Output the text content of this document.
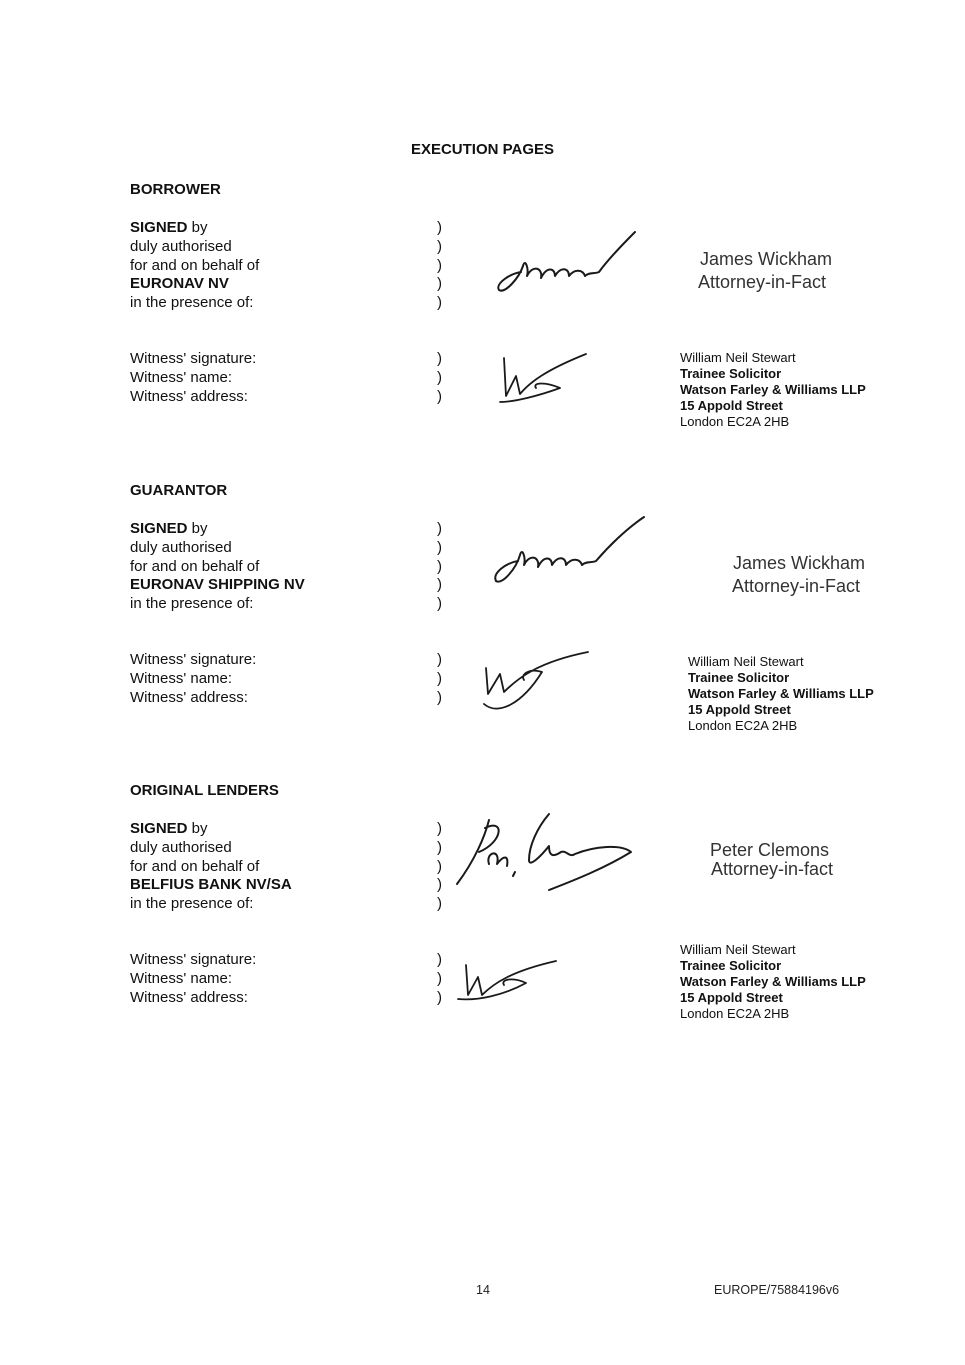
EXECUTION PAGES
BORROWER
SIGNED by
duly authorised
for and on behalf of
EURONAV NV
in the presence of:
)
)
)
)
)
James Wickham
Attorney-in-Fact
Witness' signature:
Witness' name:
Witness' address:
)
)
)
William Neil Stewart
Trainee Solicitor
Watson Farley & Williams LLP
15 Appold Street
London EC2A 2HB
GUARANTOR
SIGNED by
duly authorised
for and on behalf of
EURONAV SHIPPING NV
in the presence of:
)
)
)
)
)
James Wickham
Attorney-in-Fact
Witness' signature:
Witness' name:
Witness' address:
)
)
)
William Neil Stewart
Trainee Solicitor
Watson Farley & Williams LLP
15 Appold Street
London EC2A 2HB
ORIGINAL LENDERS
SIGNED by
duly authorised
for and on behalf of
BELFIUS BANK NV/SA
in the presence of:
)
)
)
)
)
Peter Clemons
Attorney-in-fact
Witness' signature:
Witness' name:
Witness' address:
)
)
)
William Neil Stewart
Trainee Solicitor
Watson Farley & Williams LLP
15 Appold Street
London EC2A 2HB
14	EUROPE/75884196v6
